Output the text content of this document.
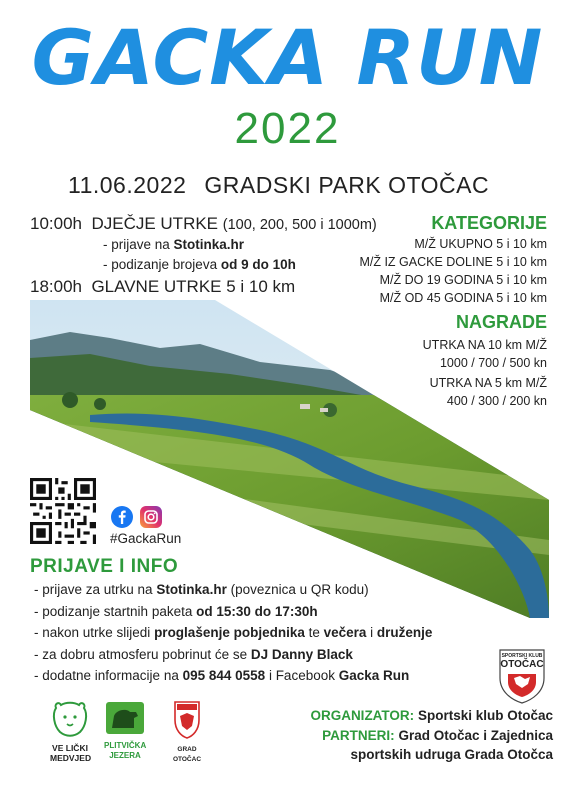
GACKA RUN
2022
11.06.2022 GRADSKI PARK OTOČAC
10:00h DJEČJE UTRKE (100, 200, 500 i 1000m)
- prijave na Stotinka.hr
- podizanje brojeva od 9 do 10h
18:00h GLAVNE UTRKE 5 i 10 km
KATEGORIJE
M/Ž UKUPNO 5 i 10 km
M/Ž IZ GACKE DOLINE 5 i 10 km
M/Ž DO 19 GODINA 5 i 10 km
M/Ž OD 45 GODINA 5 i 10 km
NAGRADE
UTRKA NA 10 km M/Ž
1000 / 700 / 500 kn
UTRKA NA 5 km M/Ž
400 / 300 / 200 kn
#GackaRun
PRIJAVE I INFO
- prijave za utrku na Stotinka.hr (poveznica u QR kodu)
- podizanje startnih paketa od 15:30 do 17:30h
- nakon utrke slijedi proglašenje pobjednika te večera i druženje
- za dobru atmosferu pobrinut će se DJ Danny Black
- dodatne informacije na 095 844 0558 i Facebook Gacka Run
SPORTSKI KLUB
OTOČAC
ORGANIZATOR: Sportski klub Otočac
PARTNERI: Grad Otočac i Zajednica
sportskih udruga Grada Otočca
VE LIČKI
MEDVJED
PLITVIČKA
JEZERA
GRAD OTOČAC
